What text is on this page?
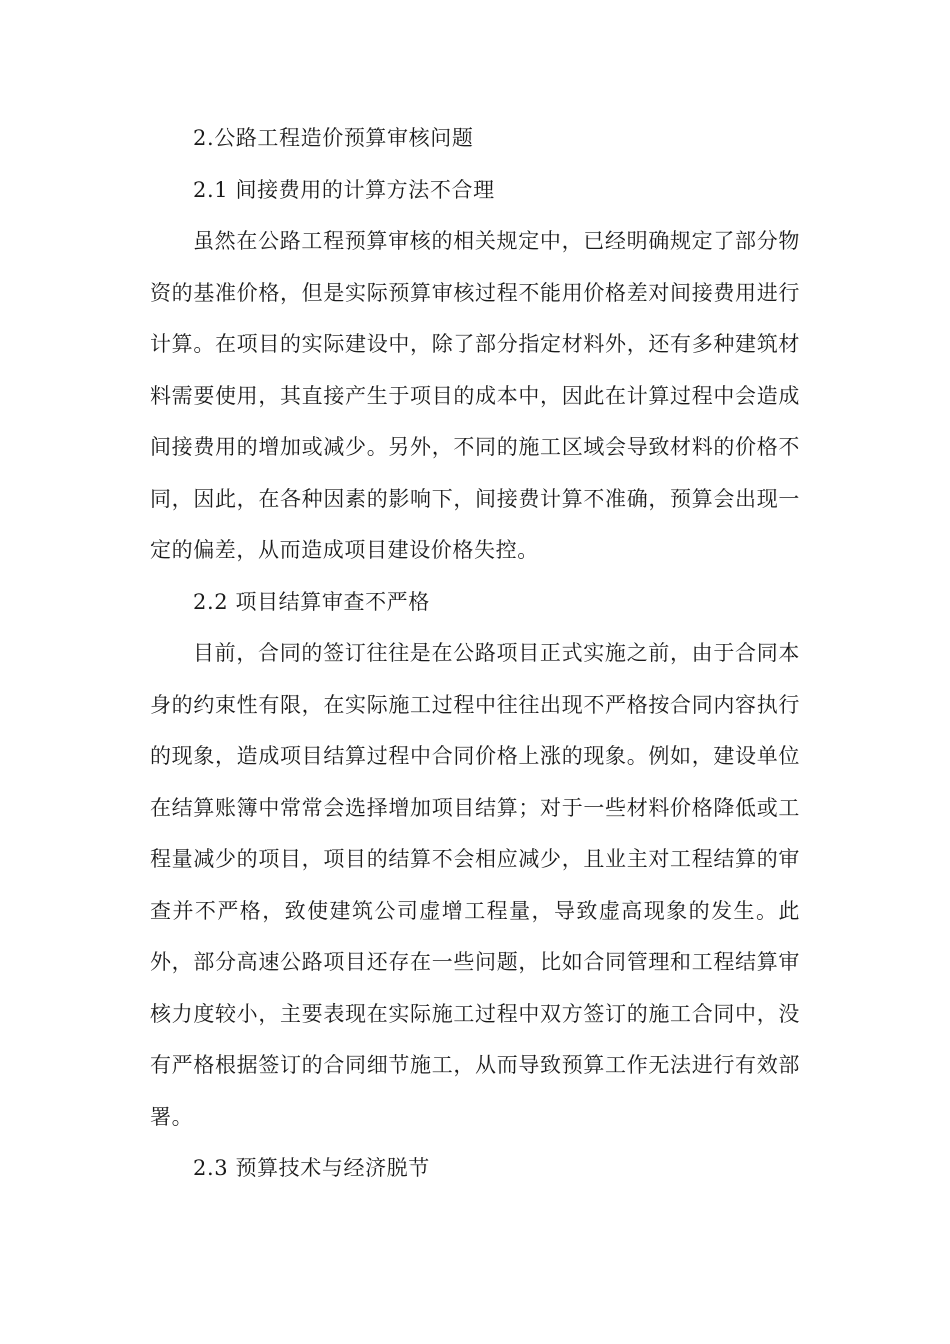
2.公路工程造价预算审核问题

2.1 间接费用的计算方法不合理

虽然在公路工程预算审核的相关规定中，已经明确规定了部分物资的基准价格，但是实际预算审核过程不能用价格差对间接费用进行计算。在项目的实际建设中，除了部分指定材料外，还有多种建筑材料需要使用，其直接产生于项目的成本中，因此在计算过程中会造成间接费用的增加或减少。另外，不同的施工区域会导致材料的价格不同，因此，在各种因素的影响下，间接费计算不准确，预算会出现一定的偏差，从而造成项目建设价格失控。

2.2 项目结算审查不严格

目前，合同的签订往往是在公路项目正式实施之前，由于合同本身的约束性有限，在实际施工过程中往往出现不严格按合同内容执行的现象，造成项目结算过程中合同价格上涨的现象。例如，建设单位在结算账簿中常常会选择增加项目结算；对于一些材料价格降低或工程量减少的项目，项目的结算不会相应减少，且业主对工程结算的审查并不严格，致使建筑公司虚增工程量，导致虚高现象的发生。此外，部分高速公路项目还存在一些问题，比如合同管理和工程结算审核力度较小，主要表现在实际施工过程中双方签订的施工合同中，没有严格根据签订的合同细节施工，从而导致预算工作无法进行有效部署。

2.3 预算技术与经济脱节
